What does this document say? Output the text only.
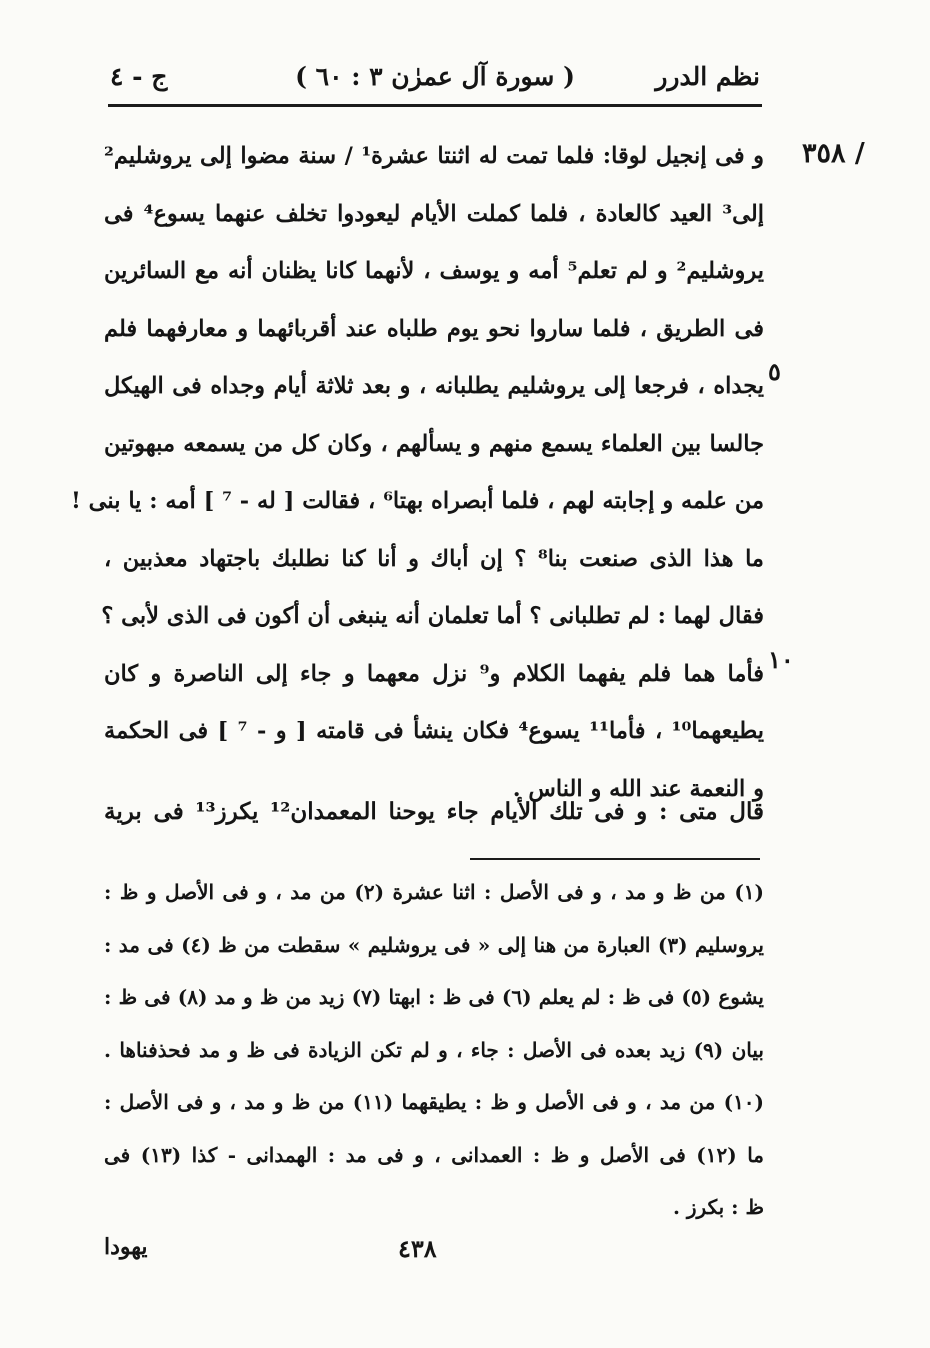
نظم الدرر
( سورة آل عمرٰن ٣ : ٦٠ )
ج - ٤
/ ٣٥٨
٥
١٠
و فى إنجيل لوقا: فلما تمت له اثنتا عشرة¹ / سنة مضوا إلى يروشليم²
إلى³ العيد كالعادة ، فلما كملت الأيام ليعودوا تخلف عنهما يسوع⁴ فى
يروشليم² و لم تعلم⁵ أمه و يوسف ، لأنهما كانا يظنان أنه مع السائرين
فى الطريق ، فلما ساروا نحو يوم طلباه عند أقربائهما و معارفهما فلم
يجداه ، فرجعا إلى يروشليم يطلبانه ، و بعد ثلاثة أيام وجداه فى الهيكل
جالسا بين العلماء يسمع منهم و يسألهم ، وكان كل من يسمعه مبهوتين
من علمه و إجابته لهم ، فلما أبصراه بهتا⁶ ، فقالت [ له - ⁷ ] أمه : يا بنى !
ما هذا الذى صنعت بنا⁸ ؟ إن أباك و أنا كنا نطلبك باجتهاد معذبين ،
فقال لهما : لم تطلبانى ؟ أما تعلمان أنه ينبغى أن أكون فى الذى لأبى ؟
فأما هما فلم يفهما الكلام و⁹ نزل معهما و جاء إلى الناصرة و كان
يطيعهما¹⁰ ، فأما¹¹ يسوع⁴ فكان ينشأ فى قامته [ و - ⁷ ] فى الحكمة
و النعمة عند الله و الناس .
قال متى : و فى تلك الأيام جاء يوحنا المعمدان¹² يكرز¹³ فى برية
(١) من ظ و مد ، و فى الأصل : اثنا عشرة (٢) من مد ، و فى الأصل و ظ :
يروسليم (٣) العبارة من هنا إلى « فى يروشليم » سقطت من ظ (٤) فى مد :
يشوع (٥) فى ظ : لم يعلم (٦) فى ظ : ابهتا (٧) زيد من ظ و مد (٨) فى ظ :
بيان (٩) زيد بعده فى الأصل : جاء ، و لم تكن الزيادة فى ظ و مد فحذفناها .
(١٠) من مد ، و فى الأصل و ظ : يطيقهما (١١) من ظ و مد ، و فى الأصل :
ما (١٢) فى الأصل و ظ : العمدانى ، و فى مد : الهمدانى - كذا (١٣) فى
ظ : بكرز .
يهودا	٤٣٨
